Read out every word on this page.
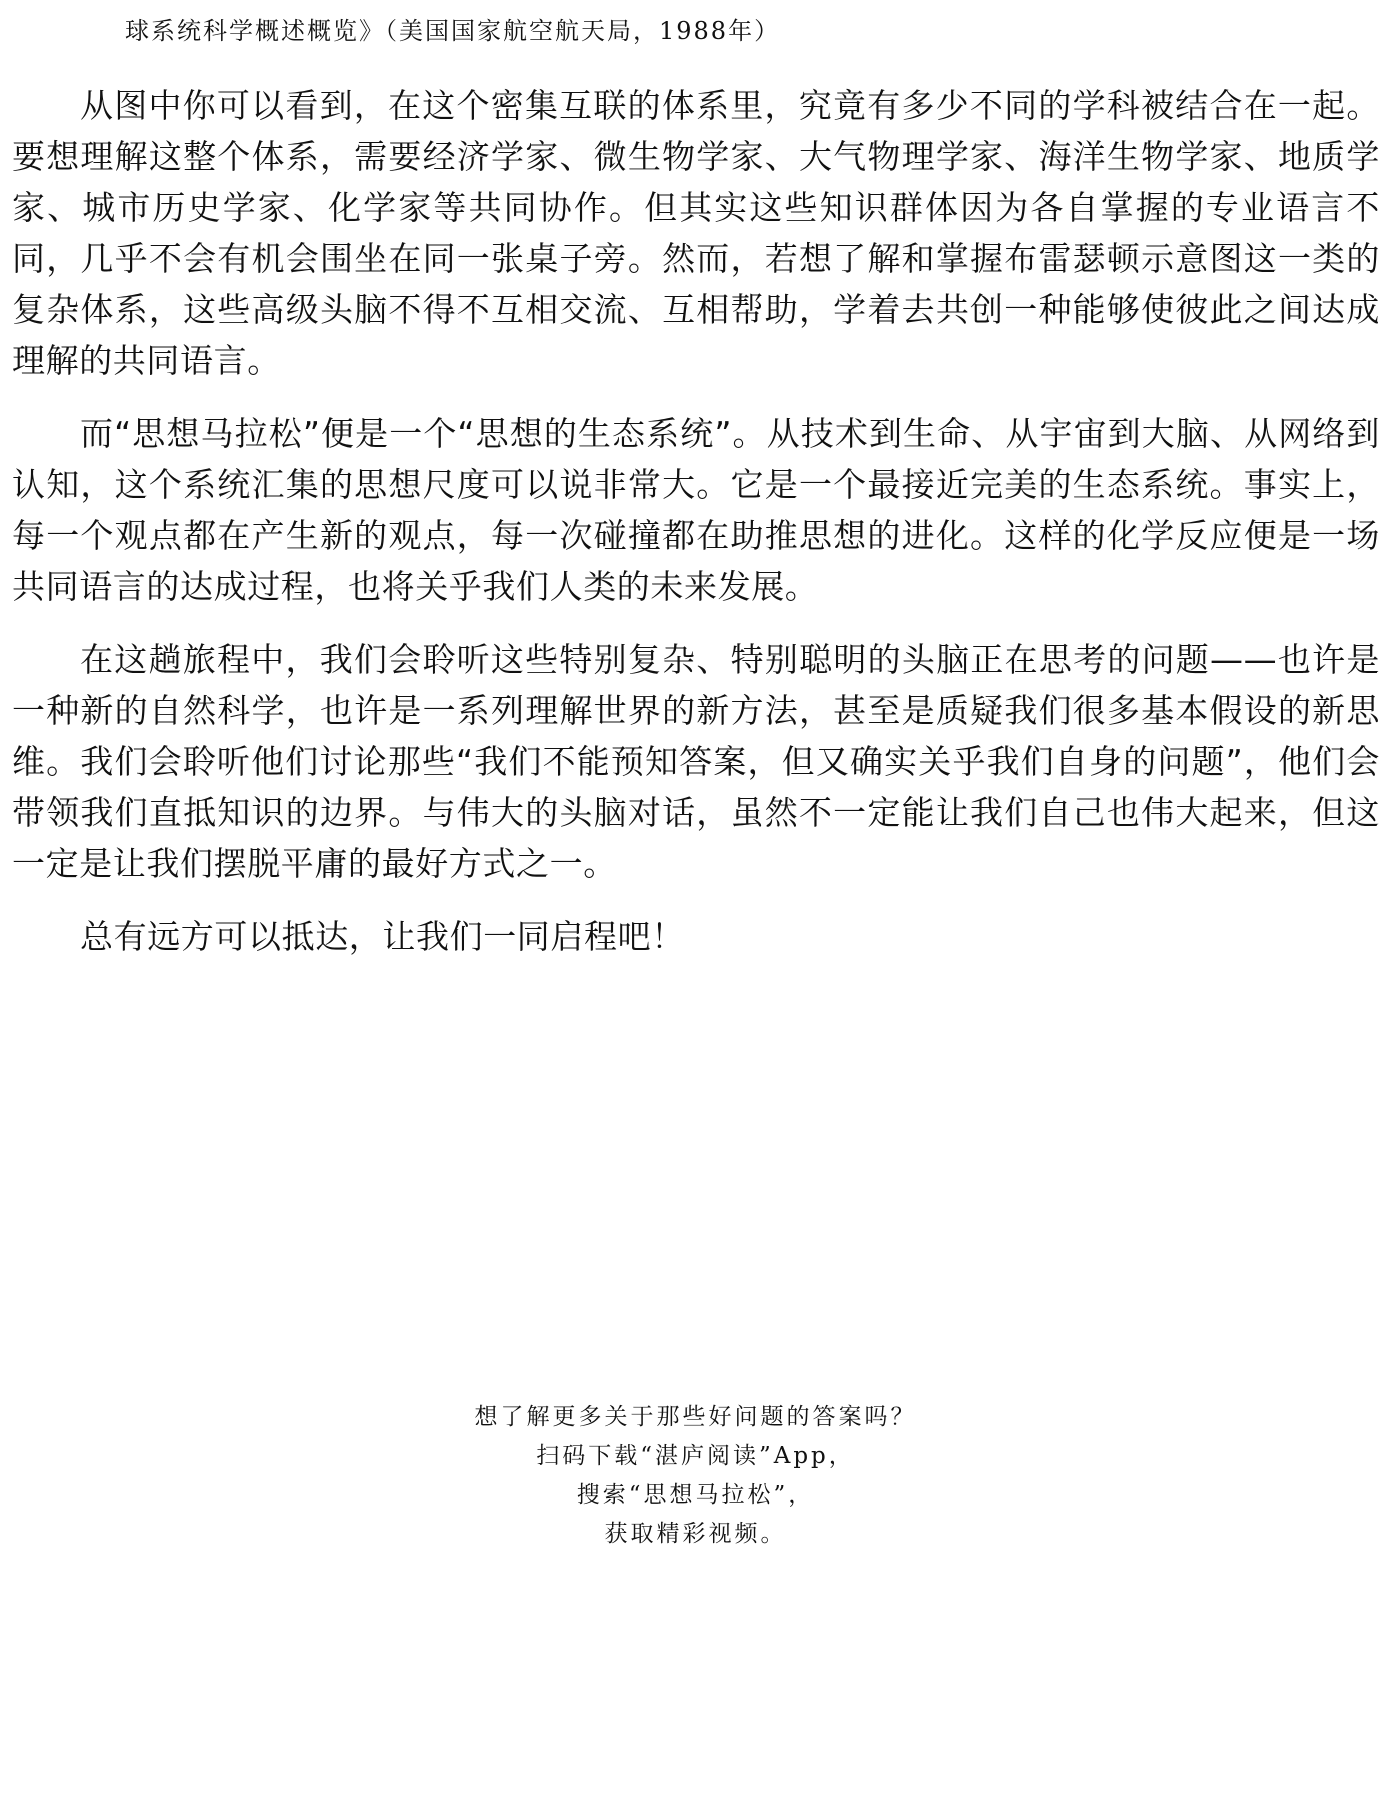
球系统科学概述概览》（美国国家航空航天局，1988年）

从图中你可以看到，在这个密集互联的体系里，究竟有多少不同的学科被结合在一起。要想理解这整个体系，需要经济学家、微生物学家、大气物理学家、海洋生物学家、地质学家、城市历史学家、化学家等共同协作。但其实这些知识群体因为各自掌握的专业语言不同，几乎不会有机会围坐在同一张桌子旁。然而，若想了解和掌握布雷瑟顿示意图这一类的复杂体系，这些高级头脑不得不互相交流、互相帮助，学着去共创一种能够使彼此之间达成理解的共同语言。

而“思想马拉松”便是一个“思想的生态系统”。从技术到生命、从宇宙到大脑、从网络到认知，这个系统汇集的思想尺度可以说非常大。它是一个最接近完美的生态系统。事实上，每一个观点都在产生新的观点，每一次碰撞都在助推思想的进化。这样的化学反应便是一场共同语言的达成过程，也将关乎我们人类的未来发展。

在这趟旅程中，我们会聆听这些特别复杂、特别聪明的头脑正在思考的问题——也许是一种新的自然科学，也许是一系列理解世界的新方法，甚至是质疑我们很多基本假设的新思维。我们会聆听他们讨论那些“我们不能预知答案，但又确实关乎我们自身的问题”，他们会带领我们直抵知识的边界。与伟大的头脑对话，虽然不一定能让我们自己也伟大起来，但这一定是让我们摆脱平庸的最好方式之一。

总有远方可以抵达，让我们一同启程吧！

想了解更多关于那些好问题的答案吗？
扫码下载“湛庐阅读”App，
搜索“思想马拉松”，
获取精彩视频。
